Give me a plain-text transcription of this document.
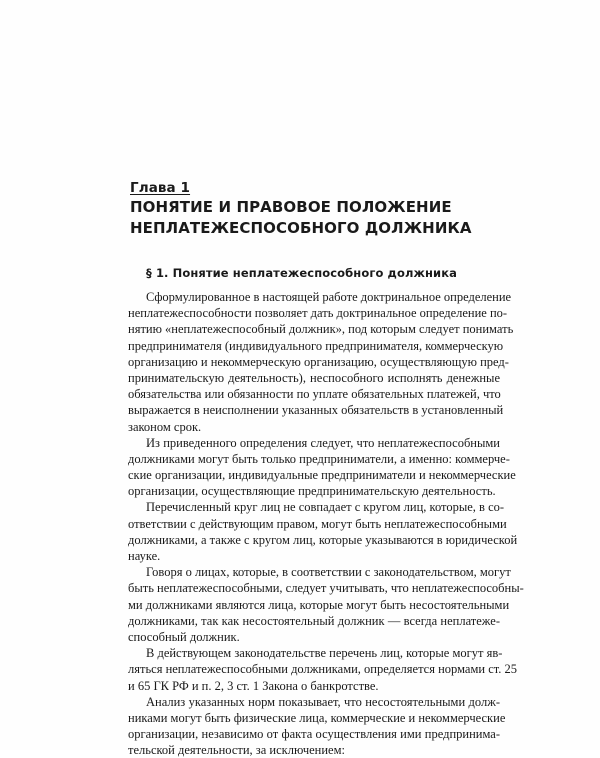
Глава 1
ПОНЯТИЕ И ПРАВОВОЕ ПОЛОЖЕНИЕ
НЕПЛАТЕЖЕСПОСОБНОГО ДОЛЖНИКА
§ 1. Понятие неплатежеспособного должника
Сформулированное в настоящей работе доктринальное определение
неплатежеспособности позволяет дать доктринальное определение по-
нятию «неплатежеспособный должник», под которым следует понимать
предпринимателя (индивидуального предпринимателя, коммерческую
организацию и некоммерческую организацию, осуществляющую пред-
принимательскую деятельность), неспособного исполнять денежные
обязательства или обязанности по уплате обязательных платежей, что
выражается в неисполнении указанных обязательств в установленный
законом срок.
Из приведенного определения следует, что неплатежеспособными
должниками могут быть только предприниматели, а именно: коммерче-
ские организации, индивидуальные предприниматели и некоммерческие
организации, осуществляющие предпринимательскую деятельность.
Перечисленный круг лиц не совпадает с кругом лиц, которые, в со-
ответствии с действующим правом, могут быть неплатежеспособными
должниками, а также с кругом лиц, которые указываются в юридической
науке.
Говоря о лицах, которые, в соответствии с законодательством, могут
быть неплатежеспособными, следует учитывать, что неплатежеспособны-
ми должниками являются лица, которые могут быть несостоятельными
должниками, так как несостоятельный должник — всегда неплатеже-
способный должник.
В действующем законодательстве перечень лиц, которые могут яв-
ляться неплатежеспособными должниками, определяется нормами ст. 25
и 65 ГК РФ и п. 2, 3 ст. 1 Закона о банкротстве.
Анализ указанных норм показывает, что несостоятельными долж-
никами могут быть физические лица, коммерческие и некоммерческие
организации, независимо от факта осуществления ими предпринима-
тельской деятельности, за исключением:
